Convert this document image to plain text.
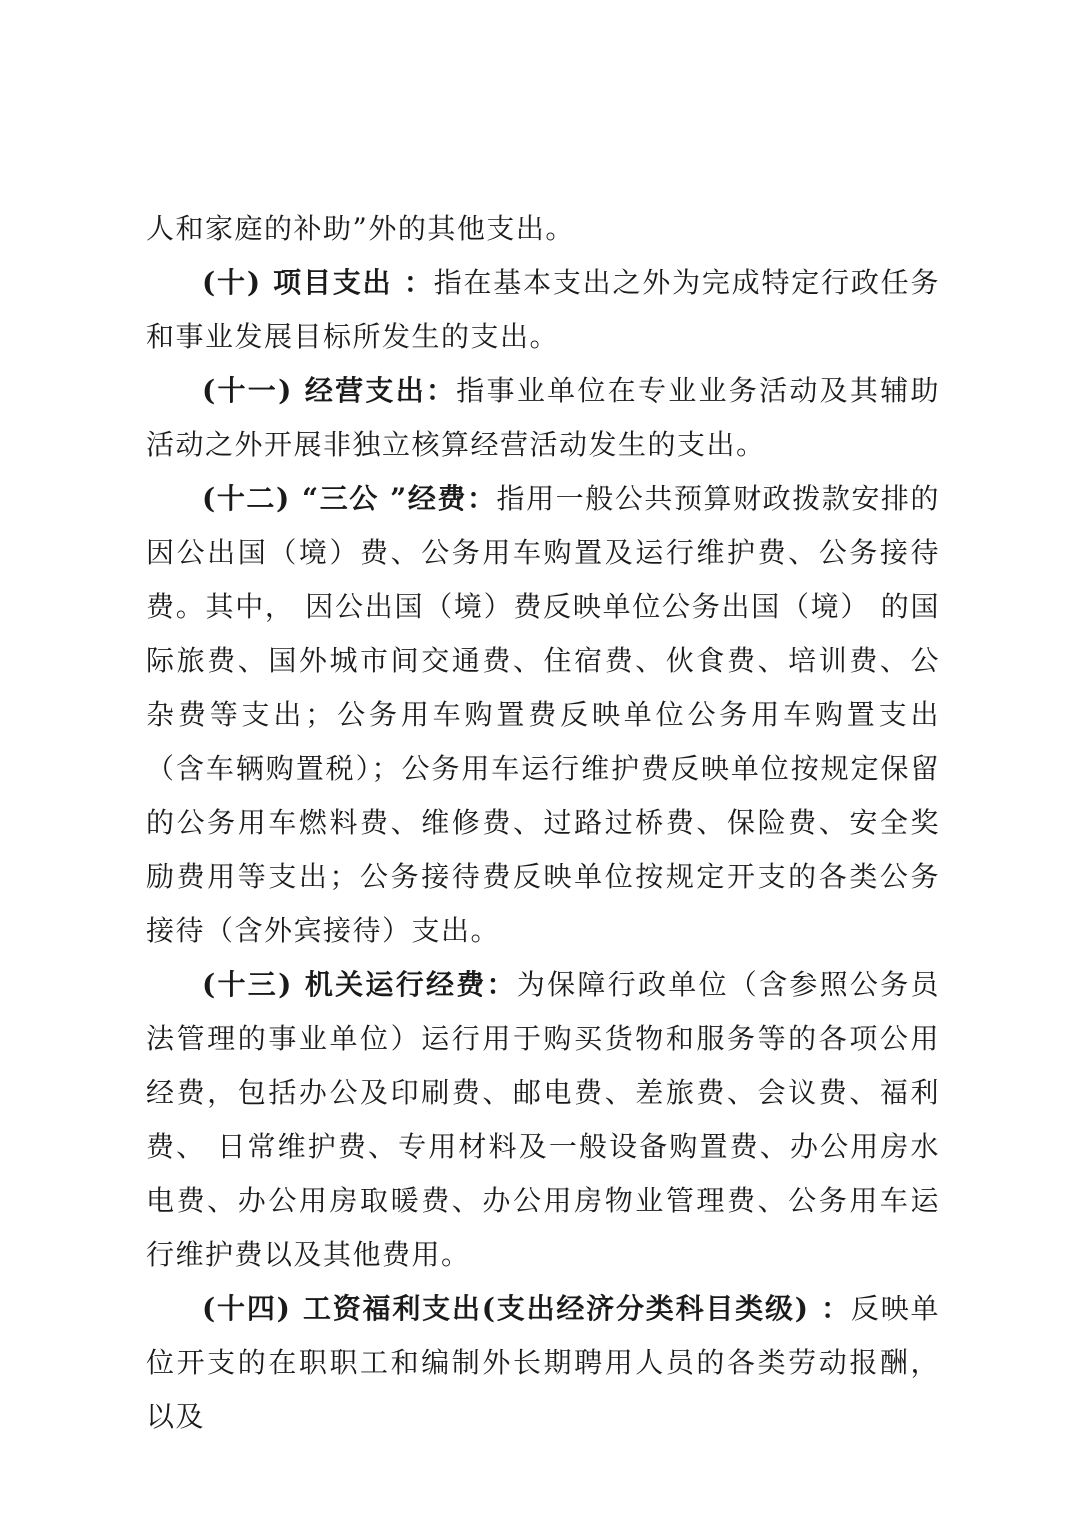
人和家庭的补助”外的其他支出。

(十) 项目支出 ：指在基本支出之外为完成特定行政任务和事业发展目标所发生的支出。

(十一) 经营支出：指事业单位在专业业务活动及其辅助活动之外开展非独立核算经营活动发生的支出。

(十二) “三公 ”经费：指用一般公共预算财政拨款安排的因公出国（境）费、公务用车购置及运行维护费、公务接待费。其中， 因公出国（境）费反映单位公务出国（境） 的国际旅费、国外城市间交通费、住宿费、伙食费、培训费、公杂费等支出；公务用车购置费反映单位公务用车购置支出（含车辆购置税）；公务用车运行维护费反映单位按规定保留的公务用车燃料费、维修费、过路过桥费、保险费、安全奖励费用等支出；公务接待费反映单位按规定开支的各类公务接待（含外宾接待）支出。

(十三) 机关运行经费：为保障行政单位（含参照公务员法管理的事业单位）运行用于购买货物和服务等的各项公用经费，包括办公及印刷费、邮电费、差旅费、会议费、福利费、 日常维护费、专用材料及一般设备购置费、办公用房水电费、办公用房取暖费、办公用房物业管理费、公务用车运行维护费以及其他费用。

(十四) 工资福利支出(支出经济分类科目类级) ：反映单位开支的在职职工和编制外长期聘用人员的各类劳动报酬， 以及
